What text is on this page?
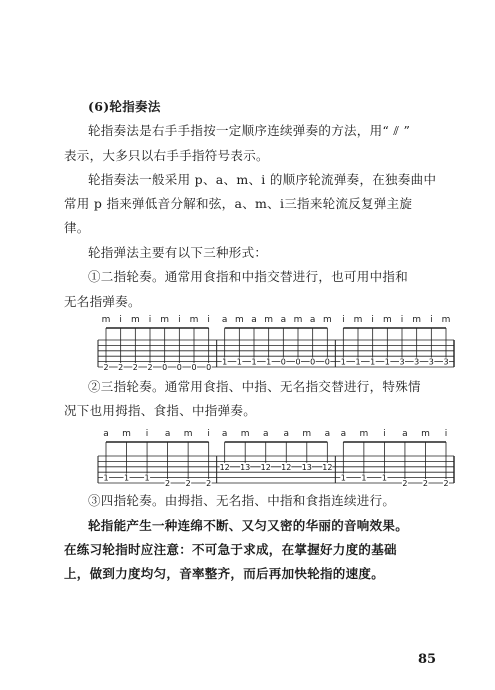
(6)轮指奏法
轮指奏法是右手手指按一定顺序连续弹奏的方法，用“ ⫽ ”
表示，大多只以右手手指符号表示。
轮指奏法一般采用 p、a、m、i 的顺序轮流弹奏，在独奏曲中
常用 p 指来弹低音分解和弦，a、m、i三指来轮流反复弹主旋
律。
轮指弹法主要有以下三种形式：
①二指轮奏。通常用食指和中指交替进行，也可用中指和
无名指弹奏。
m
2
i
2
m
2
i
2
m
0
i
0
m
0
i
0
a
1
m
1
a
1
m
1
a
0
m
0
a
0
m
0
i
1
m
1
i
1
m
1
i
3
m
3
i
3
m
3
②三指轮奏。通常用食指、中指、无名指交替进行，特殊情
况下也用拇指、食指、中指弹奏。
a
1
m
1
i
1
a
2
m
2
i
2
a
12
m
13
a
12
a
12
m
13
a
12
a
1
m
1
i
1
a
2
m
2
i
2
③四指轮奏。由拇指、无名指、中指和食指连续进行。
轮指能产生一种连绵不断、又匀又密的华丽的音响效果。
在练习轮指时应注意：不可急于求成，在掌握好力度的基础
上，做到力度均匀，音率整齐，而后再加快轮指的速度。
85
